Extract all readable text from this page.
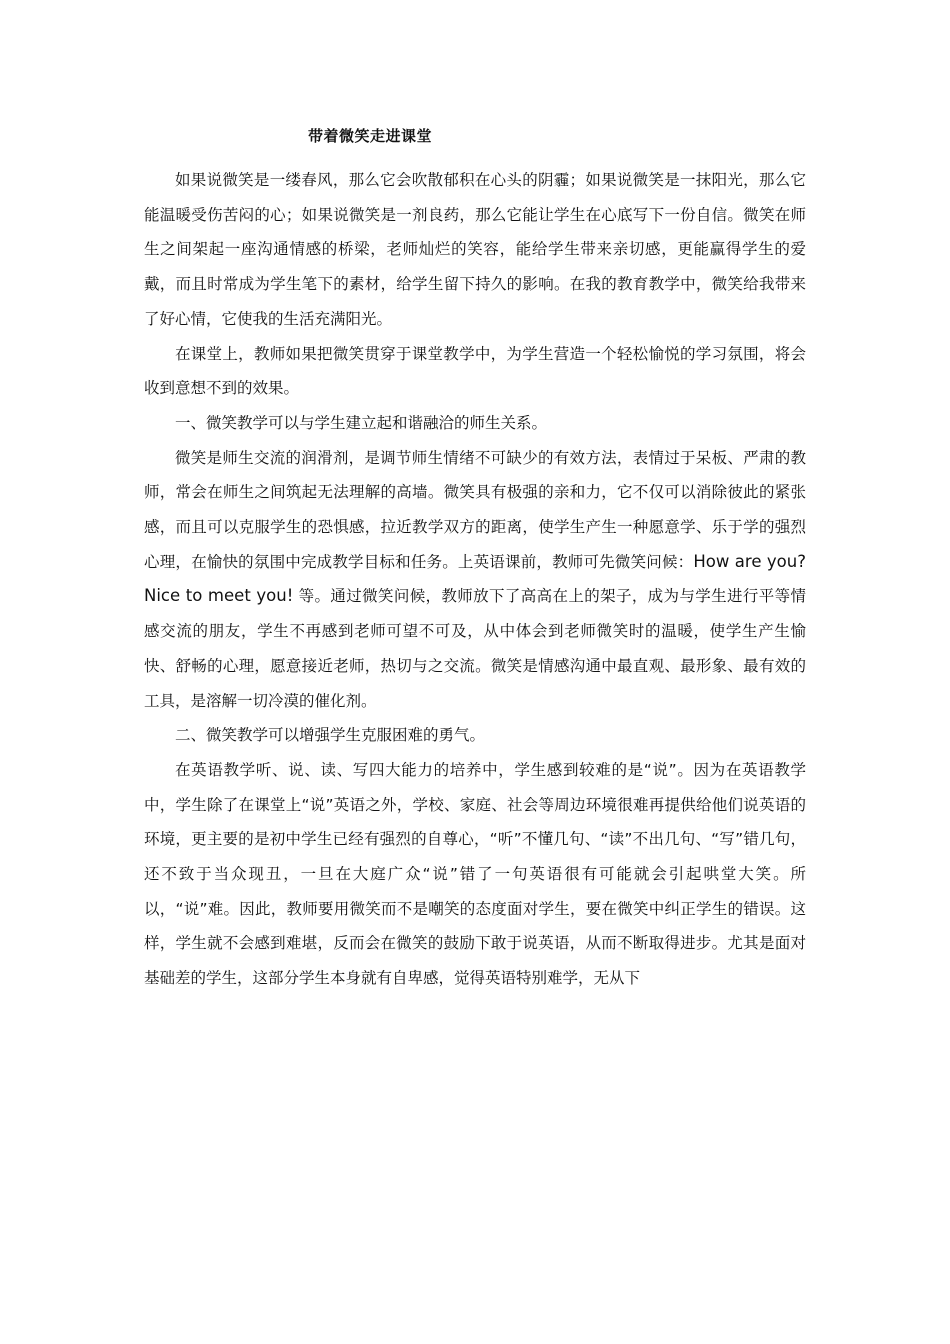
带着微笑走进课堂

如果说微笑是一缕春风，那么它会吹散郁积在心头的阴霾；如果说微笑是一抹阳光，那么它能温暖受伤苦闷的心；如果说微笑是一剂良药，那么它能让学生在心底写下一份自信。微笑在师生之间架起一座沟通情感的桥梁，老师灿烂的笑容，能给学生带来亲切感，更能赢得学生的爱戴，而且时常成为学生笔下的素材，给学生留下持久的影响。在我的教育教学中，微笑给我带来了好心情，它使我的生活充满阳光。

在课堂上，教师如果把微笑贯穿于课堂教学中，为学生营造一个轻松愉悦的学习氛围，将会收到意想不到的效果。

一、微笑教学可以与学生建立起和谐融洽的师生关系。

微笑是师生交流的润滑剂，是调节师生情绪不可缺少的有效方法，表情过于呆板、严肃的教师，常会在师生之间筑起无法理解的高墙。微笑具有极强的亲和力，它不仅可以消除彼此的紧张感，而且可以克服学生的恐惧感，拉近教学双方的距离，使学生产生一种愿意学、乐于学的强烈心理，在愉快的氛围中完成教学目标和任务。上英语课前，教师可先微笑问候：How are you? Nice to meet you! 等。通过微笑问候，教师放下了高高在上的架子，成为与学生进行平等情感交流的朋友，学生不再感到老师可望不可及，从中体会到老师微笑时的温暖，使学生产生愉快、舒畅的心理，愿意接近老师，热切与之交流。微笑是情感沟通中最直观、最形象、最有效的工具，是溶解一切冷漠的催化剂。

二、微笑教学可以增强学生克服困难的勇气。

在英语教学听、说、读、写四大能力的培养中，学生感到较难的是“说”。因为在英语教学中，学生除了在课堂上“说”英语之外，学校、家庭、社会等周边环境很难再提供给他们说英语的环境，更主要的是初中学生已经有强烈的自尊心，“听”不懂几句、“读”不出几句、“写”错几句，还不致于当众现丑，一旦在大庭广众“说”错了一句英语很有可能就会引起哄堂大笑。所以，“说”难。因此，教师要用微笑而不是嘲笑的态度面对学生，要在微笑中纠正学生的错误。这样，学生就不会感到难堪，反而会在微笑的鼓励下敢于说英语，从而不断取得进步。尤其是面对基础差的学生，这部分学生本身就有自卑感，觉得英语特别难学，无从下
